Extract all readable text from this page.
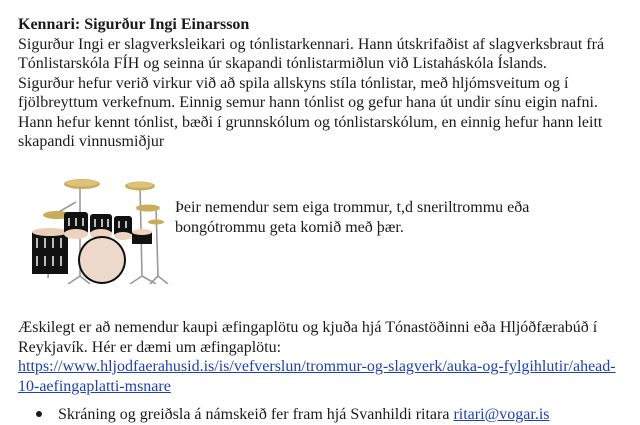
Kennari: Sigurður Ingi Einarsson
Sigurður Ingi er slagverksleikari og tónlistarkennari. Hann útskrifaðist af slagverksbraut frá
Tónlistarskóla FÍH og seinna úr skapandi tónlistarmiðlun við Listaháskóla Íslands.
Sigurður hefur verið virkur við að spila allskyns stíla tónlistar, með hljómsveitum og í
fjölbreyttum verkefnum. Einnig semur hann tónlist og gefur hana út undir sínu eigin nafni.
Hann hefur kennt tónlist, bæði í grunnskólum og tónlistarskólum, en einnig hefur hann leitt
skapandi vinnusmiðjur
Þeir nemendur sem eiga trommur, t,d sneriltrommu eða
bongótrommu geta komið með þær.
Æskilegt er að nemendur kaupi æfingaplötu og kjuða hjá Tónastöðinni eða Hljóðfærabúð í
Reykjavík. Hér er dæmi um æfingaplötu:
https://www.hljodfaerahusid.is/is/vefverslun/trommur-og-slagverk/auka-og-fylgihlutir/ahead-
10-aefingaplatti-msnare
Skráning og greiðsla á námskeið fer fram hjá Svanhildi ritara ritari@vogar.is
